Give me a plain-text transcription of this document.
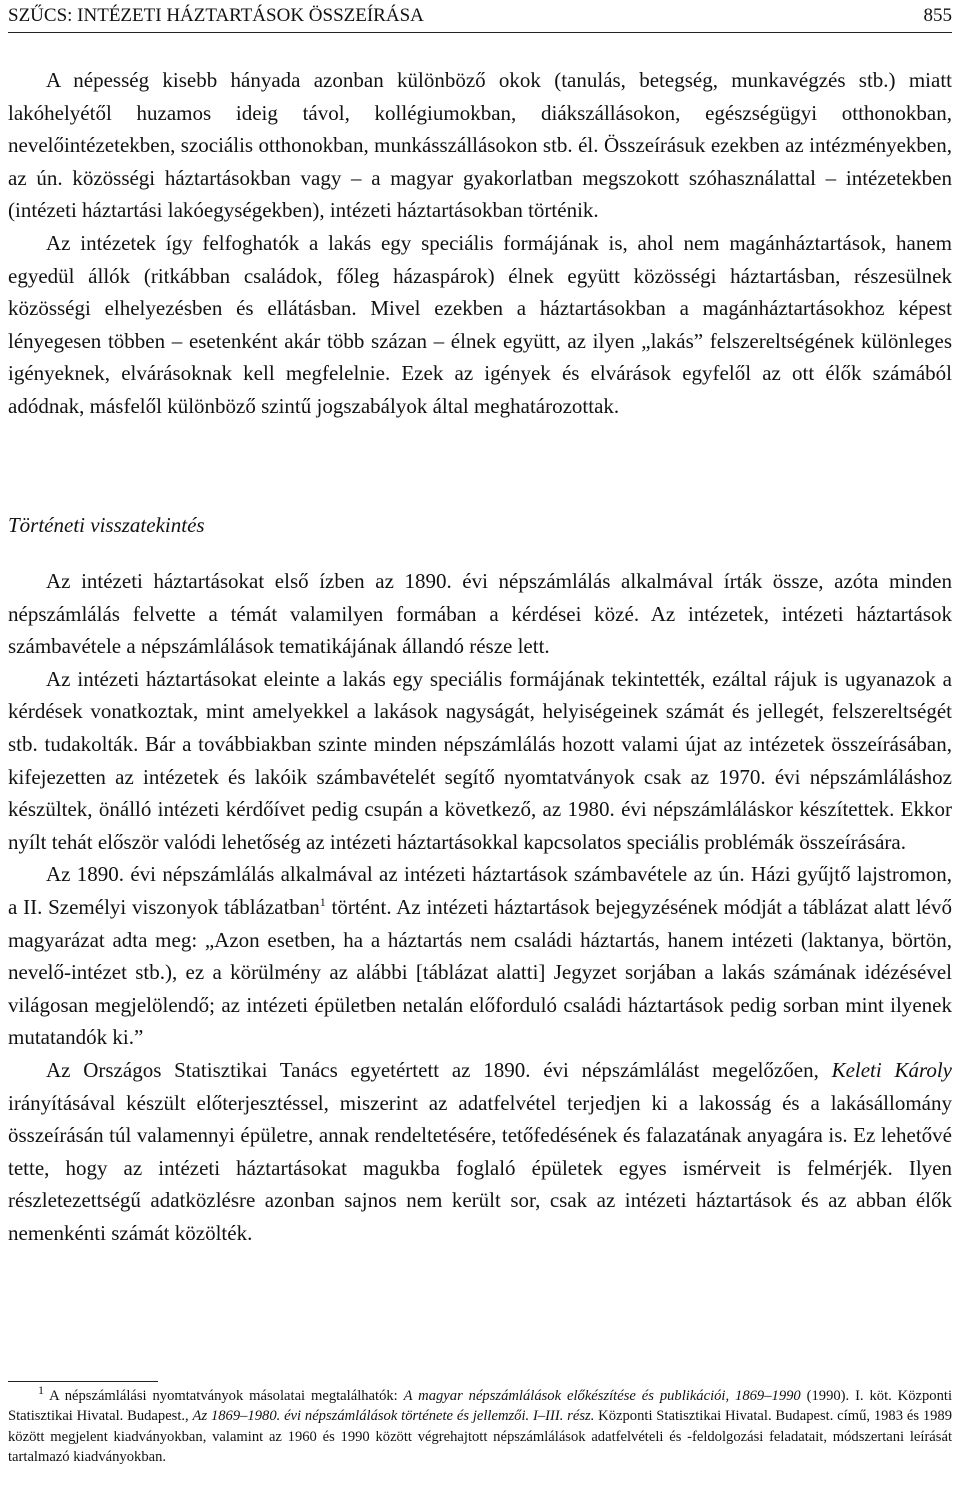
SZŰCS: INTÉZETI HÁZTARTÁSOK ÖSSZEÍRÁSA	855

A népesség kisebb hányada azonban különböző okok (tanulás, betegség, munkavégzés stb.) miatt lakóhelyétől huzamos ideig távol, kollégiumokban, diákszállásokon, egészségügyi otthonokban, nevelőintézetekben, szociális otthonokban, munkásszállásokon stb. él. Összeírásuk ezekben az intézményekben, az ún. közösségi háztartásokban vagy – a magyar gyakorlatban megszokott szóhasználattal – intézetekben (intézeti háztartási lakóegységekben), intézeti háztartásokban történik.

Az intézetek így felfoghatók a lakás egy speciális formájának is, ahol nem magánháztartások, hanem egyedül állók (ritkábban családok, főleg házaspárok) élnek együtt közösségi háztartásban, részesülnek közösségi elhelyezésben és ellátásban. Mivel ezekben a háztartásokban a magánháztartásokhoz képest lényegesen többen – esetenként akár több százan – élnek együtt, az ilyen „lakás” felszereltségének különleges igényeknek, elvárásoknak kell megfelelnie. Ezek az igények és elvárások egyfelől az ott élők számából adódnak, másfelől különböző szintű jogszabályok által meghatározottak.

Történeti visszatekintés

Az intézeti háztartásokat első ízben az 1890. évi népszámlálás alkalmával írták össze, azóta minden népszámlálás felvette a témát valamilyen formában a kérdései közé. Az intézetek, intézeti háztartások számbavétele a népszámlálások tematikájának állandó része lett.

Az intézeti háztartásokat eleinte a lakás egy speciális formájának tekintették, ezáltal rájuk is ugyanazok a kérdések vonatkoztak, mint amelyekkel a lakások nagyságát, helyiségeinek számát és jellegét, felszereltségét stb. tudakolták. Bár a továbbiakban szinte minden népszámlálás hozott valami újat az intézetek összeírásában, kifejezetten az intézetek és lakóik számbavételét segítő nyomtatványok csak az 1970. évi népszámláláshoz készültek, önálló intézeti kérdőívet pedig csupán a következő, az 1980. évi népszámláláskor készítettek. Ekkor nyílt tehát először valódi lehetőség az intézeti háztartásokkal kapcsolatos speciális problémák összeírására.

Az 1890. évi népszámlálás alkalmával az intézeti háztartások számbavétele az ún. Házi gyűjtő lajstromon, a II. Személyi viszonyok táblázatban$^1$ történt. Az intézeti háztartások bejegyzésének módját a táblázat alatt lévő magyarázat adta meg: „Azon esetben, ha a háztartás nem családi háztartás, hanem intézeti (laktanya, börtön, nevelő-intézet stb.), ez a körülmény az alábbi [táblázat alatti] Jegyzet sorjában a lakás számának idézésével világosan megjelölendő; az intézeti épületben netalán előforduló családi háztartások pedig sorban mint ilyenek mutatandók ki.”

Az Országos Statisztikai Tanács egyetértett az 1890. évi népszámlálást megelőzően, Keleti Károly irányításával készült előterjesztéssel, miszerint az adatfelvétel terjedjen ki a lakosság és a lakásállomány összeírásán túl valamennyi épületre, annak rendeltetésére, tetőfedésének és falazatának anyagára is. Ez lehetővé tette, hogy az intézeti háztartásokat magukba foglaló épületek egyes ismérveit is felmérjék. Ilyen részletezettségű adatközlésre azonban sajnos nem került sor, csak az intézeti háztartások és az abban élők nemenkénti számát közölték.

$^1$ A népszámlálási nyomtatványok másolatai megtalálhatók: A magyar népszámlálások előkészítése és publikációi, 1869–1990 (1990). I. köt. Központi Statisztikai Hivatal. Budapest., Az 1869–1980. évi népszámlálások története és jellemzői. I–III. rész. Központi Statisztikai Hivatal. Budapest. című, 1983 és 1989 között megjelent kiadványokban, valamint az 1960 és 1990 között végrehajtott népszámlálások adatfelvételi és -feldolgozási feladatait, módszertani leírását tartalmazó kiadványokban.
